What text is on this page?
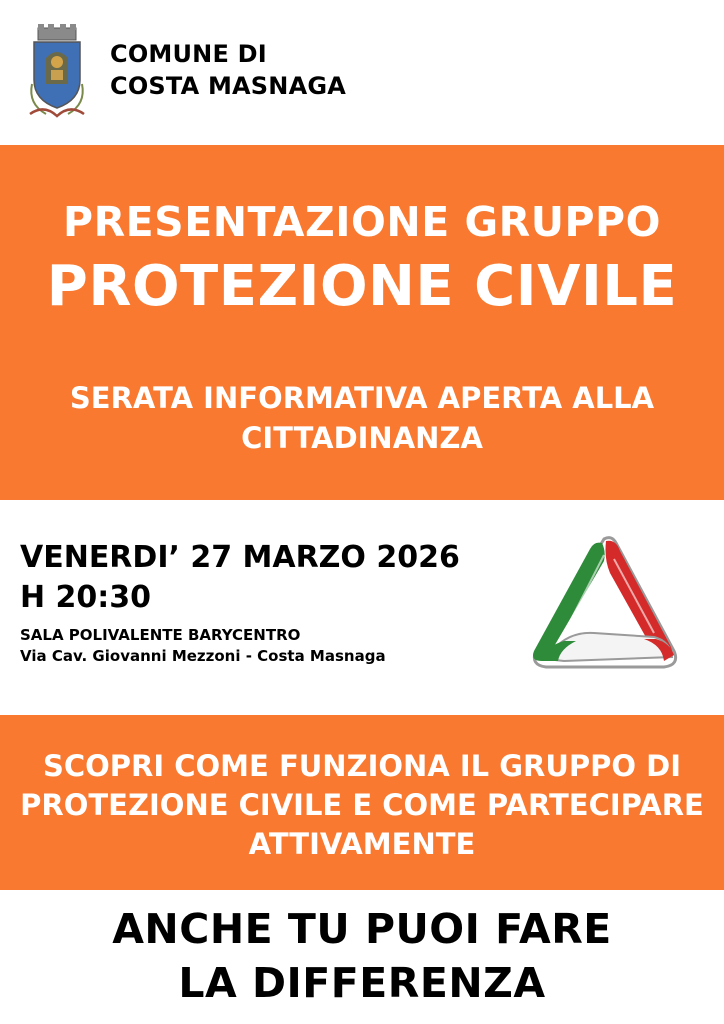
COMUNE DI
COSTA MASNAGA
PRESENTAZIONE GRUPPO
PROTEZIONE CIVILE
SERATA INFORMATIVA APERTA ALLA CITTADINANZA
VENERDI’ 27 MARZO 2026
H 20:30
SALA POLIVALENTE BARYCENTRO
Via Cav. Giovanni Mezzoni - Costa Masnaga
SCOPRI COME FUNZIONA IL GRUPPO DI PROTEZIONE CIVILE E COME PARTECIPARE ATTIVAMENTE
ANCHE TU PUOI FARE
LA DIFFERENZA
